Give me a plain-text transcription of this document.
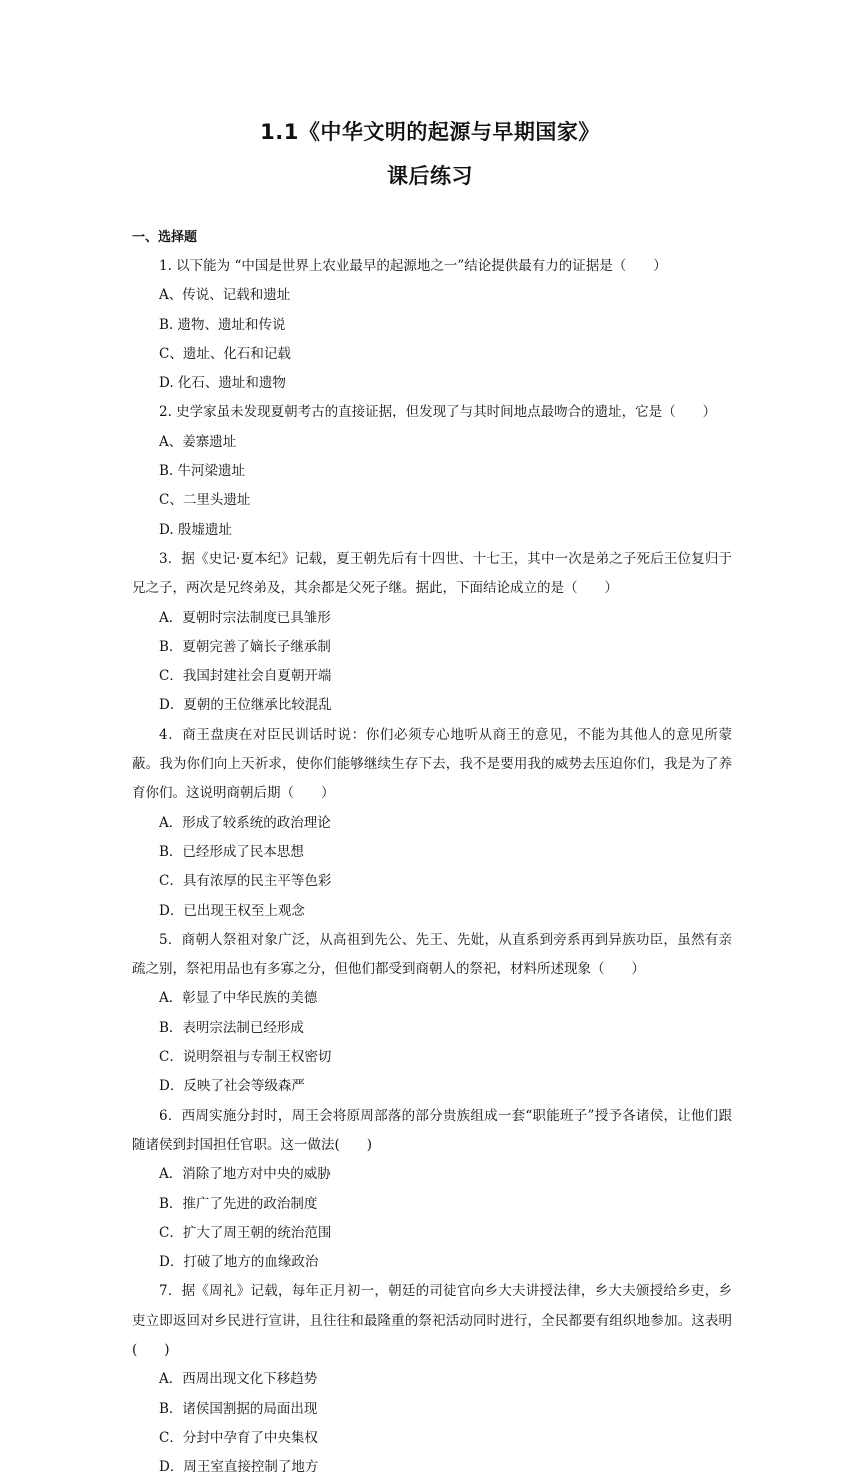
1.1《中华文明的起源与早期国家》
课后练习
一、选择题

1. 以下能为 “中国是世界上农业最早的起源地之一”结论提供最有力的证据是（　　）

A、传说、记载和遗址
B. 遗物、遗址和传说
C、遗址、化石和记载
D. 化石、遗址和遗物

2. 史学家虽未发现夏朝考古的直接证据，但发现了与其时间地点最吻合的遗址，它是（　　）

A、姜寨遗址
B. 牛河梁遗址
C、二里头遗址
D. 殷墟遗址

3．据《史记·夏本纪》记载，夏王朝先后有十四世、十七王，其中一次是弟之子死后王位复归于兄之子，两次是兄终弟及，其余都是父死子继。据此，下面结论成立的是（　　）

A．夏朝时宗法制度已具雏形
B．夏朝完善了嫡长子继承制
C．我国封建社会自夏朝开端
D．夏朝的王位继承比较混乱

4．商王盘庚在对臣民训话时说：你们必须专心地听从商王的意见，不能为其他人的意见所蒙蔽。我为你们向上天祈求，使你们能够继续生存下去，我不是要用我的威势去压迫你们，我是为了养育你们。这说明商朝后期（　　）

A．形成了较系统的政治理论
B．已经形成了民本思想
C．具有浓厚的民主平等色彩
D．已出现王权至上观念

5．商朝人祭祖对象广泛，从高祖到先公、先王、先妣，从直系到旁系再到异族功臣，虽然有亲疏之别，祭祀用品也有多寡之分，但他们都受到商朝人的祭祀，材料所述现象（　　）

A．彰显了中华民族的美德
B．表明宗法制已经形成
C．说明祭祖与专制王权密切
D．反映了社会等级森严

6．西周实施分封时，周王会将原周部落的部分贵族组成一套“职能班子”授予各诸侯，让他们跟随诸侯到封国担任官职。这一做法(　　)

A．消除了地方对中央的威胁
B．推广了先进的政治制度
C．扩大了周王朝的统治范围
D．打破了地方的血缘政治

7．据《周礼》记载，每年正月初一，朝廷的司徒官向乡大夫讲授法律，乡大夫颁授给乡吏，乡吏立即返回对乡民进行宣讲，且往往和最隆重的祭祀活动同时进行，全民都要有组织地参加。这表明(　　)

A．西周出现文化下移趋势
B．诸侯国割据的局面出现
C．分封中孕育了中央集权
D．周王室直接控制了地方
